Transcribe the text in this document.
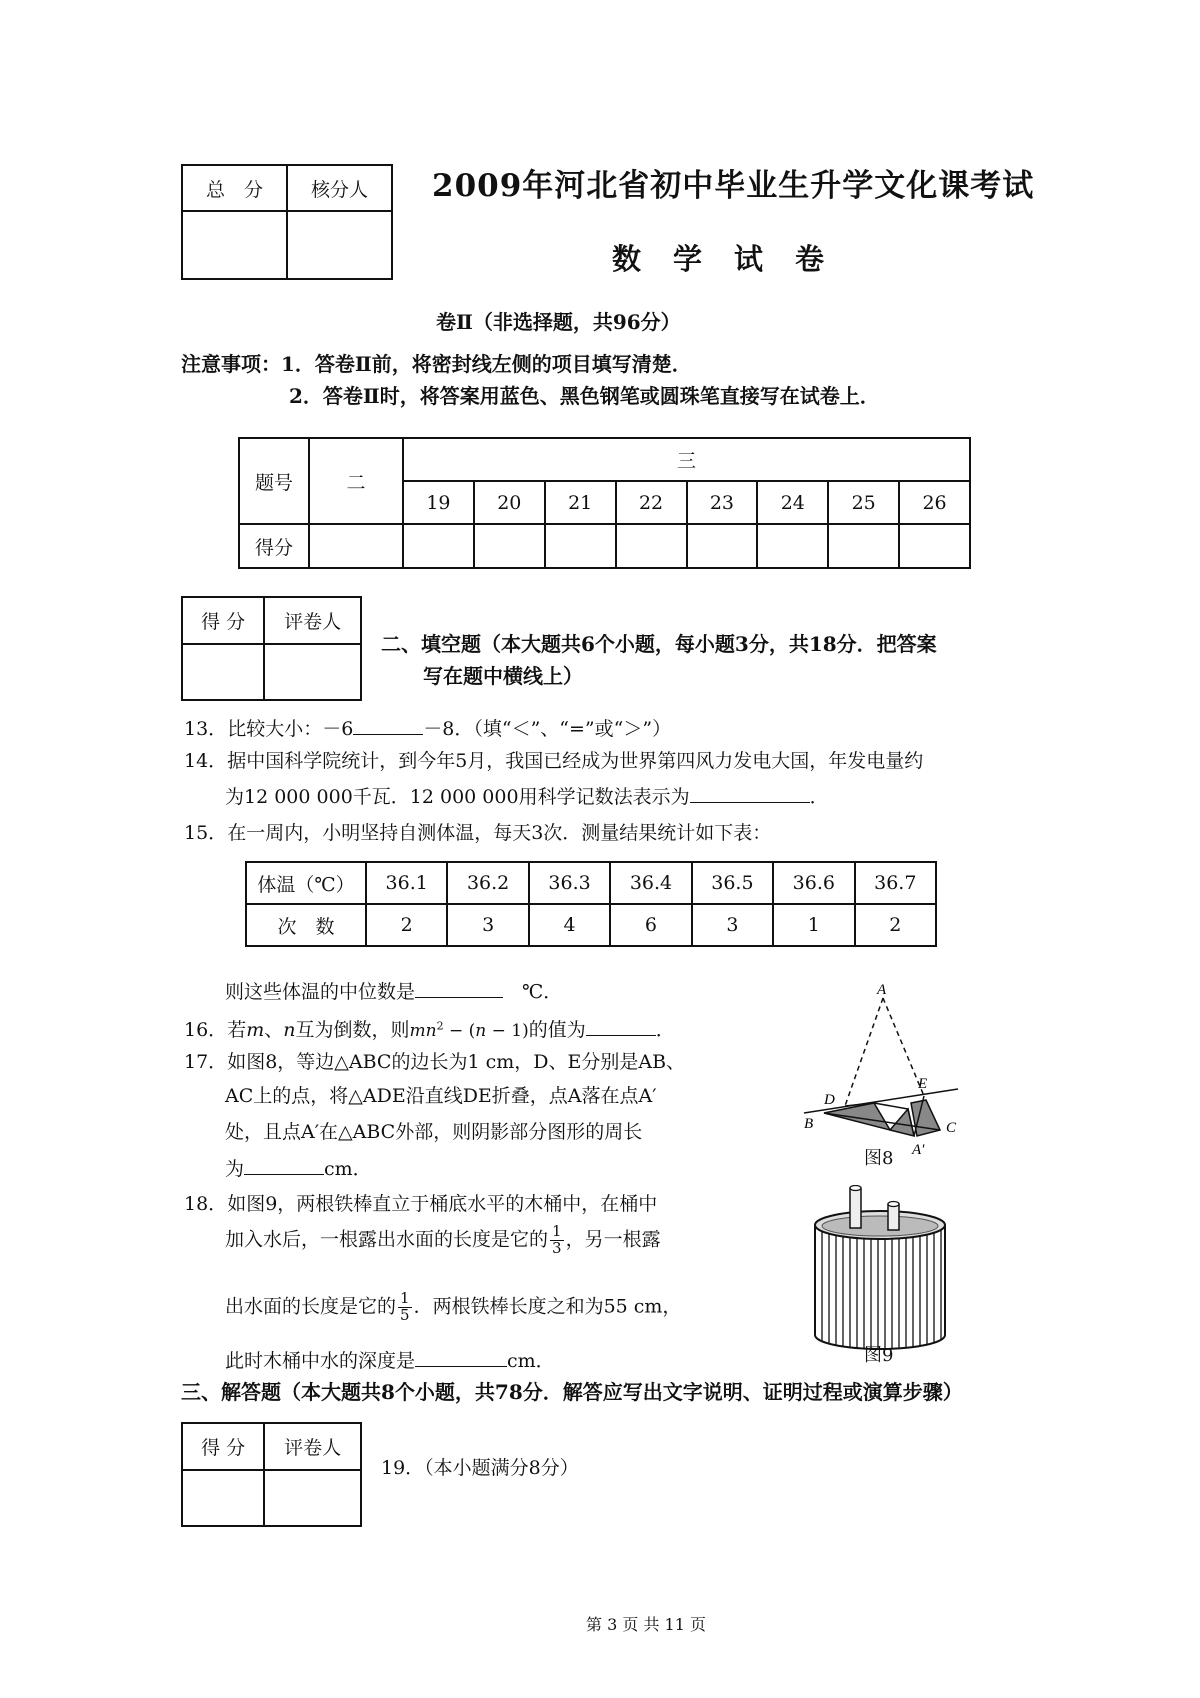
总　分	核分人
	2009年河北省初中毕业生升学文化课考试
数学试卷
卷Ⅱ（非选择题，共96分）
注意事项：1．答卷Ⅱ前，将密封线左侧的项目填写清楚．
2．答卷Ⅱ时，将答案用蓝色、黑色钢笔或圆珠笔直接写在试卷上．
题号	二	三							
		19	20	21	22	23	24	25	26
得分									
得 分	评卷人

二、填空题（本大题共6个小题，每小题3分，共18分．把答案
写在题中横线上）
13．比较大小：－6	－8．（填“＜”、“=”或“＞”）
14．据中国科学院统计，到今年5月，我国已经成为世界第四风力发电大国，年发电量约
为12 000 000千瓦．12 000 000用科学记数法表示为	．
15．在一周内，小明坚持自测体温，每天3次．测量结果统计如下表：
体温（℃）	36.1	36.2	36.3	36.4	36.5	36.6	36.7
次　数	2	3	4	6	3	1	2
则这些体温的中位数是	　℃．
16．若m、n互为倒数，则$mn^2 - (n - 1)$的值为	．
17．如图8，等边△ABC的边长为1 cm，D、E分别是AB、
AC上的点，将△ADE沿直线DE折叠，点A落在点A′
处，且点A′在△ABC外部，则阴影部分图形的周长
为	cm．
A
B	C
D
E
A′
图8
18．如图9，两根铁棒直立于桶底水平的木桶中，在桶中
加入水后，一根露出水面的长度是它的 $\frac{1}{3}$ ，另一根露
出水面的长度是它的 $\frac{1}{5}$ ．两根铁棒长度之和为55 cm，
此时木桶中水的深度是	cm．	图9
三、解答题（本大题共8个小题，共78分．解答应写出文字说明、证明过程或演算步骤）
得 分	评卷人

19．（本小题满分8分）
第 3 页 共 11 页
